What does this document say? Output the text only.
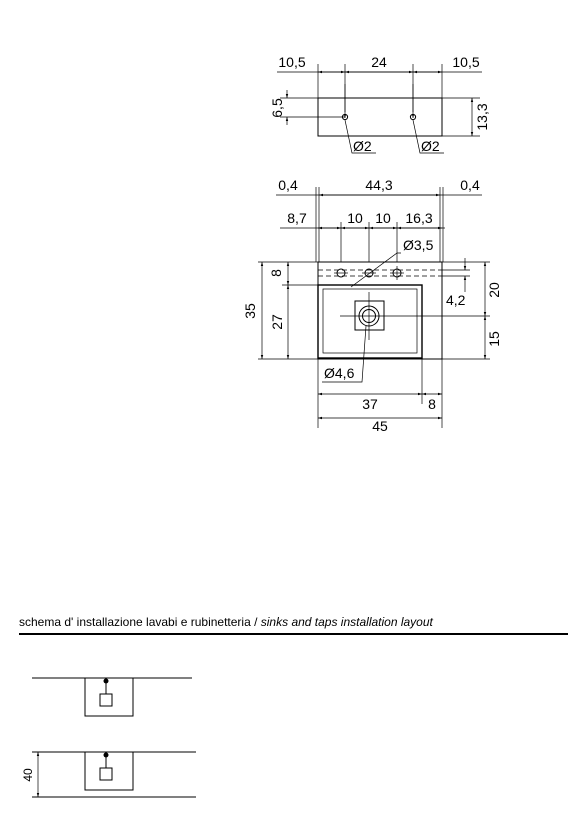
10,5	24	10,5
Ø2	Ø2
6,5	13,3
0,4	44,3	0,4
8,7	10 10 16,3
Ø3,5
Ø4,6
8
35
27
20
15
4,2
37	8
45
40
schema d' installazione lavabi e rubinetteria / sinks and taps installation layout
